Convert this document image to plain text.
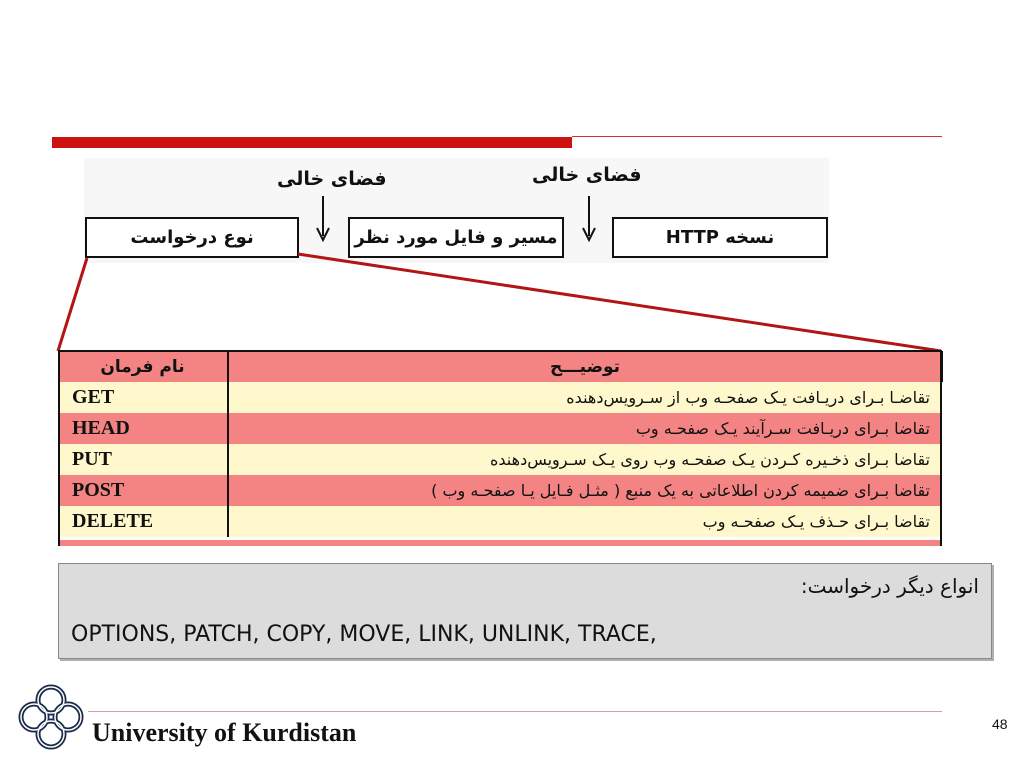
فضای خالی	فضای خالی
نوع درخواست	مسیر و فایل مورد نظر	نسخه HTTP
نام فرمان	توضیـــح
GET	تقاضـا بـرای دریـافت یـک صفحـه وب از سـرویس‌دهنده
HEAD	تقاضا بـرای دریـافت سـرآیند یـک صفحـه وب
PUT	تقاضا بـرای ذخـیره کـردن یـک صفحـه وب روی یـک سـرویس‌دهنده
POST	تقاضا بـرای ضمیمه کردن اطلاعاتی به یک منبع ( مثـل فـایل یـا صفحـه وب )
DELETE	تقاضا بـرای حـذف یـک صفحـه وب
انواع دیگر درخواست:
OPTIONS, PATCH, COPY, MOVE, LINK, UNLINK, TRACE,
University of Kurdistan	48
